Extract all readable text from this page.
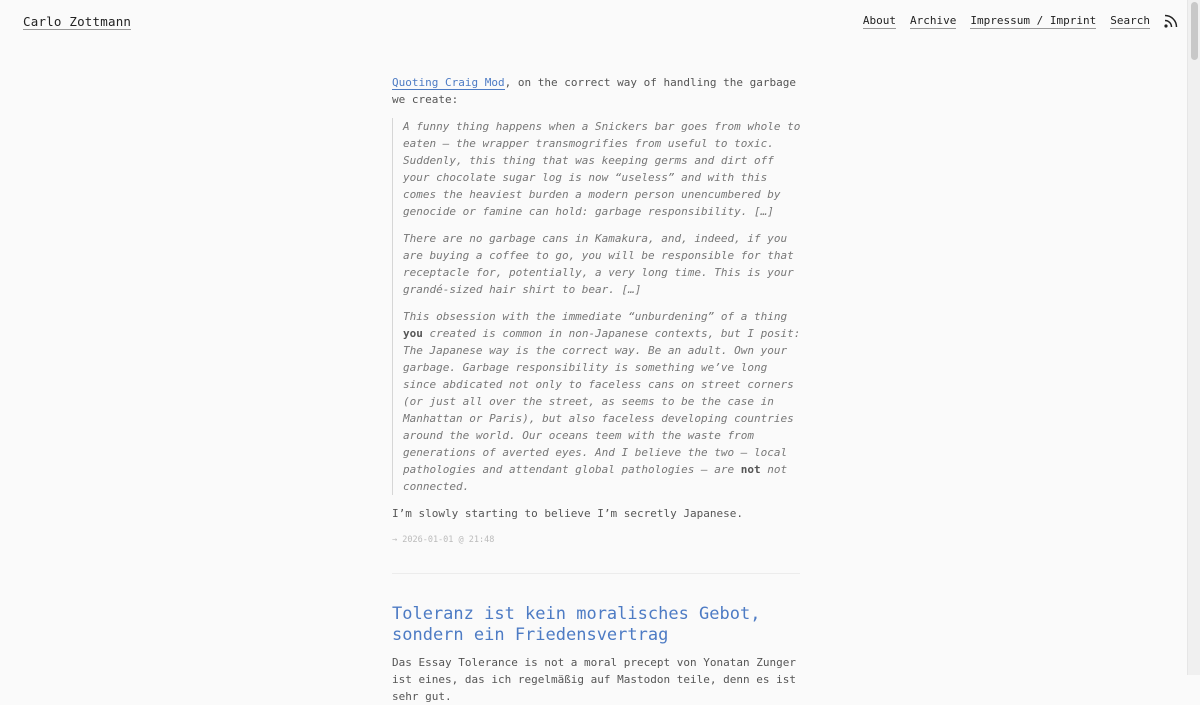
Carlo Zottmann	About Archive Impressum / Imprint Search

Quoting Craig Mod, on the correct way of handling the garbage we create:

A funny thing happens when a Snickers bar goes from whole to eaten — the wrapper transmogrifies from useful to toxic. Suddenly, this thing that was keeping germs and dirt off your chocolate sugar log is now “useless” and with this comes the heaviest burden a modern person unencumbered by genocide or famine can hold: garbage responsibility. […]

There are no garbage cans in Kamakura, and, indeed, if you are buying a coffee to go, you will be responsible for that receptacle for, potentially, a very long time. This is your grandé-sized hair shirt to bear. […]

This obsession with the immediate “unburdening” of a thing you created is common in non-Japanese contexts, but I posit: The Japanese way is the correct way. Be an adult. Own your garbage. Garbage responsibility is something we’ve long since abdicated not only to faceless cans on street corners (or just all over the street, as seems to be the case in Manhattan or Paris), but also faceless developing countries around the world. Our oceans teem with the waste from generations of averted eyes. And I believe the two — local pathologies and attendant global pathologies — are not not connected.

I’m slowly starting to believe I’m secretly Japanese.

→ 2026-01-01 @ 21:48

Toleranz ist kein moralisches Gebot, sondern ein Friedensvertrag

Das Essay Tolerance is not a moral precept von Yonatan Zunger ist eines, das ich regelmäßig auf Mastodon teile, denn es ist sehr gut.
